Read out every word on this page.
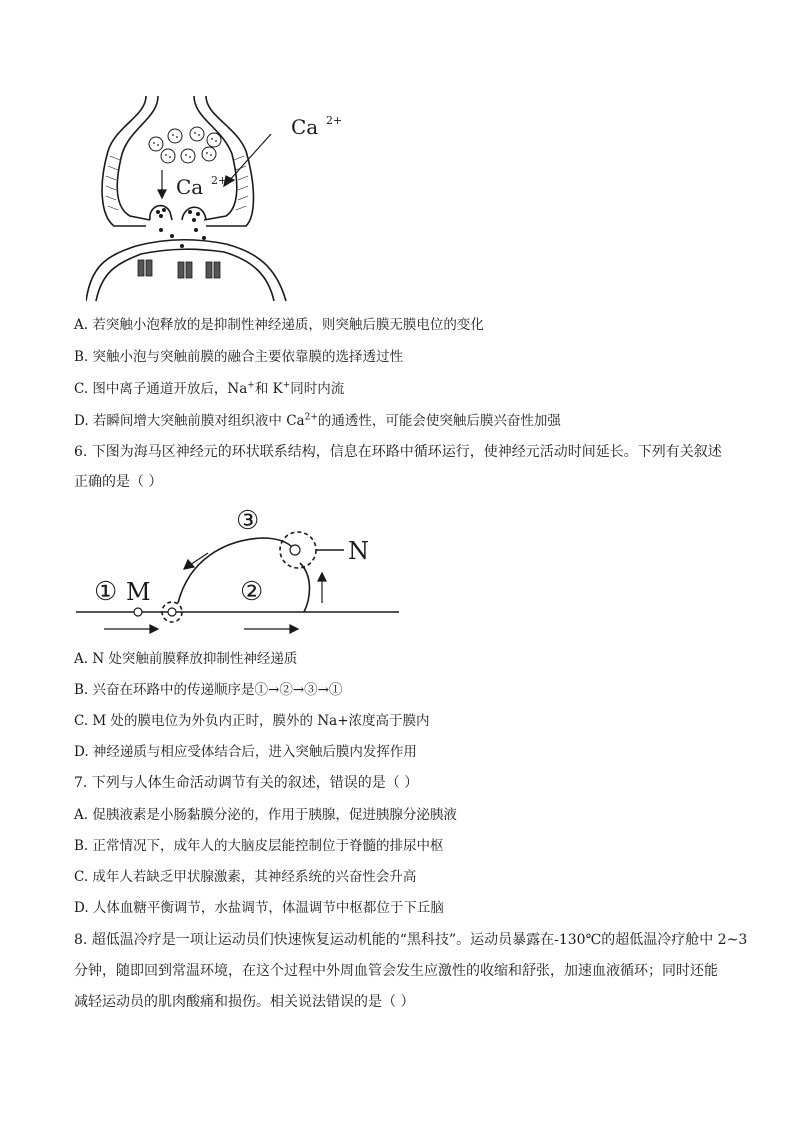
Ca 2+
Ca 2+
A. 若突触小泡释放的是抑制性神经递质，则突触后膜无膜电位的变化
B. 突触小泡与突触前膜的融合主要依靠膜的选择透过性
C. 图中离子通道开放后，Na+和 K+同时内流
D. 若瞬间增大突触前膜对组织液中 $Ca^{2+}$的通透性，可能会使突触后膜兴奋性加强
6. 下图为海马区神经元的环状联系结构，信息在环路中循环运行，使神经元活动时间延长。下列有关叙述
正确的是（ ）
① M	②
③
N
A. N 处突触前膜释放抑制性神经递质
B. 兴奋在环路中的传递顺序是①→②→③→①
C. M 处的膜电位为外负内正时，膜外的 Na+浓度高于膜内
D. 神经递质与相应受体结合后，进入突触后膜内发挥作用
7. 下列与人体生命活动调节有关的叙述，错误的是（ ）
A. 促胰液素是小肠黏膜分泌的，作用于胰腺，促进胰腺分泌胰液
B. 正常情况下，成年人的大脑皮层能控制位于脊髓的排尿中枢
C. 成年人若缺乏甲状腺激素，其神经系统的兴奋性会升高
D. 人体血糖平衡调节，水盐调节，体温调节中枢都位于下丘脑
8. 超低温冷疗是一项让运动员们快速恢复运动机能的“黑科技”。运动员暴露在-130℃的超低温冷疗舱中 2~3
分钟，随即回到常温环境，在这个过程中外周血管会发生应激性的收缩和舒张，加速血液循环；同时还能
减轻运动员的肌肉酸痛和损伤。相关说法错误的是（ ）
